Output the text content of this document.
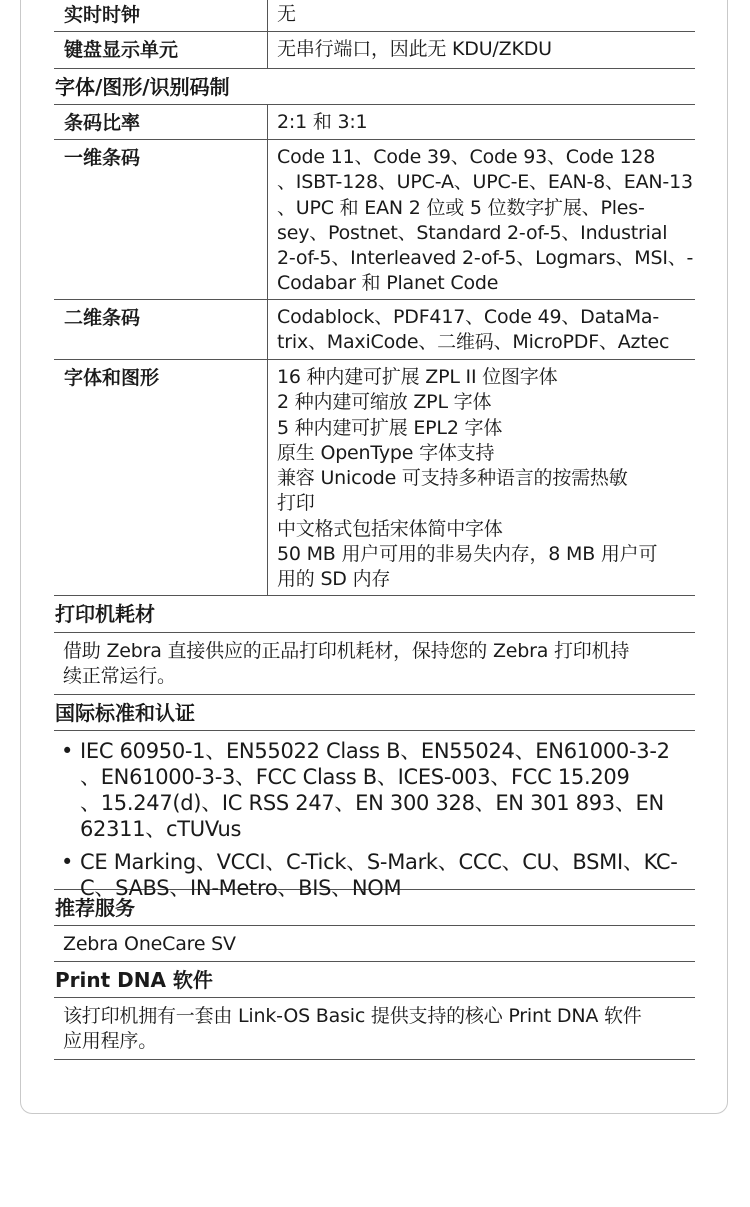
实时时钟	无
键盘显示单元	无串行端口，因此无 KDU/ZKDU
字体/图形/识别码制
条码比率	2:1 和 3:1
一维条码	Code 11、Code 39、Code 93、Code 128
、ISBT-128、UPC-A、UPC-E、EAN-8、EAN-13
、UPC 和 EAN 2 位或 5 位数字扩展、Ples-
sey、Postnet、Standard 2-of-5、Industrial
2-of-5、Interleaved 2-of-5、Logmars、MSI、-
Codabar 和 Planet Code
二维条码	Codablock、PDF417、Code 49、DataMa-
trix、MaxiCode、二维码、MicroPDF、Aztec
字体和图形	16 种内建可扩展 ZPL II 位图字体
2 种内建可缩放 ZPL 字体
5 种内建可扩展 EPL2 字体
原生 OpenType 字体支持
兼容 Unicode 可支持多种语言的按需热敏
打印
中文格式包括宋体简中字体
50 MB 用户可用的非易失内存，8 MB 用户可
用的 SD 内存
打印机耗材
借助 Zebra 直接供应的正品打印机耗材，保持您的 Zebra 打印机持
续正常运行。
国际标准和认证
• IEC 60950-1、EN55022 Class B、EN55024、EN61000-3-2
、EN61000-3-3、FCC Class B、ICES-003、FCC 15.209
、15.247(d)、IC RSS 247、EN 300 328、EN 301 893、EN
62311、cTUVus
• CE Marking、VCCI、C-Tick、S-Mark、CCC、CU、BSMI、KC-
C、SABS、IN-Metro、BIS、NOM
推荐服务
Zebra OneCare SV
Print DNA 软件
该打印机拥有一套由 Link-OS Basic 提供支持的核心 Print DNA 软件
应用程序。
